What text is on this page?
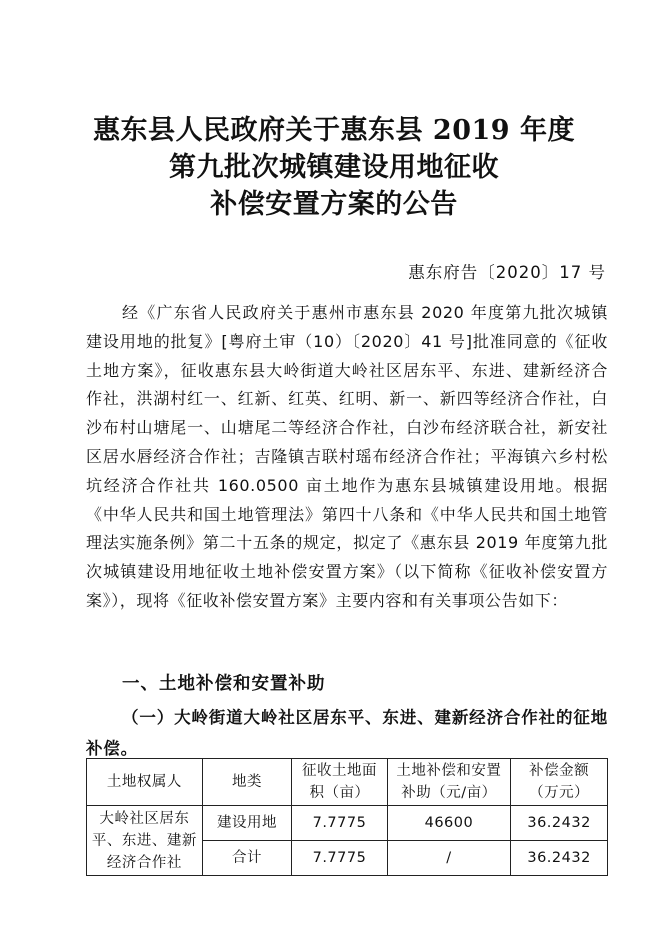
惠东县人民政府关于惠东县 2019 年度
第九批次城镇建设用地征收
补偿安置方案的公告
惠东府告〔2020〕17 号

经《广东省人民政府关于惠州市惠东县 2020 年度第九批次城镇建设用地的批复》[粤府土审（10）〔2020〕41 号]批准同意的《征收土地方案》，征收惠东县大岭街道大岭社区居东平、东进、建新经济合作社，洪湖村红一、红新、红英、红明、新一、新四等经济合作社，白沙布村山塘尾一、山塘尾二等经济合作社，白沙布经济联合社，新安社区居水唇经济合作社；吉隆镇吉联村瑶布经济合作社；平海镇六乡村松坑经济合作社共 160.0500 亩土地作为惠东县城镇建设用地。根据《中华人民共和国土地管理法》第四十八条和《中华人民共和国土地管理法实施条例》第二十五条的规定，拟定了《惠东县 2019 年度第九批次城镇建设用地征收土地补偿安置方案》（以下简称《征收补偿安置方案》），现将《征收补偿安置方案》主要内容和有关事项公告如下：

一、土地补偿和安置补助

（一）大岭街道大岭社区居东平、东进、建新经济合作社的征地补偿。

土地权属人	地类	征收土地面积（亩）	土地补偿和安置补助（元/亩）	补偿金额（万元）
大岭社区居东平、东进、建新经济合作社	建设用地	7.7775	46600	36.2432
	合计	7.7775	/	36.2432
